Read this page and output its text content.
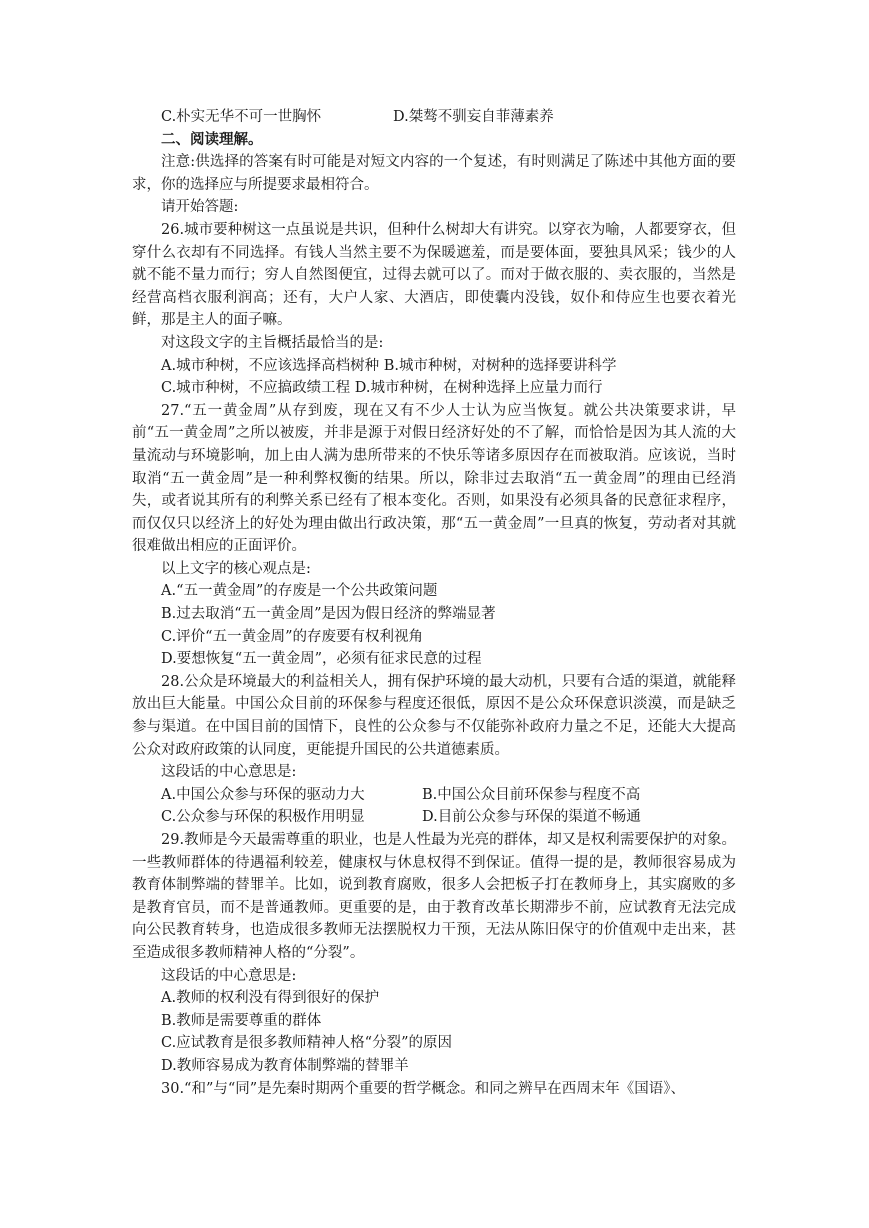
C.朴实无华不可一世胸怀	D.桀骜不驯妄自菲薄素养

二、阅读理解。

注意:供选择的答案有时可能是对短文内容的一个复述，有时则满足了陈述中其他方面的要求，你的选择应与所提要求最相符合。

请开始答题:

26.城市要种树这一点虽说是共识，但种什么树却大有讲究。以穿衣为喻，人都要穿衣，但穿什么衣却有不同选择。有钱人当然主要不为保暖遮羞，而是要体面，要独具风采；钱少的人就不能不量力而行；穷人自然图便宜，过得去就可以了。而对于做衣服的、卖衣服的，当然是经营高档衣服利润高；还有，大户人家、大酒店，即使囊内没钱，奴仆和侍应生也要衣着光鲜，那是主人的面子嘛。

对这段文字的主旨概括最恰当的是:

A.城市种树，不应该选择高档树种 B.城市种树，对树种的选择要讲科学

C.城市种树，不应搞政绩工程 D.城市种树，在树种选择上应量力而行

27.“五一黄金周”从存到废，现在又有不少人士认为应当恢复。就公共决策要求讲，早前“五一黄金周”之所以被废，并非是源于对假日经济好处的不了解，而恰恰是因为其人流的大量流动与环境影响，加上由人满为患所带来的不快乐等诸多原因存在而被取消。应该说，当时取消“五一黄金周”是一种利弊权衡的结果。所以，除非过去取消“五一黄金周”的理由已经消失，或者说其所有的利弊关系已经有了根本变化。否则，如果没有必须具备的民意征求程序，而仅仅只以经济上的好处为理由做出行政决策，那“五一黄金周”一旦真的恢复，劳动者对其就很难做出相应的正面评价。

以上文字的核心观点是:

A.“五一黄金周”的存废是一个公共政策问题

B.过去取消“五一黄金周”是因为假日经济的弊端显著

C.评价“五一黄金周”的存废要有权利视角

D.要想恢复“五一黄金周”，必须有征求民意的过程

28.公众是环境最大的利益相关人，拥有保护环境的最大动机，只要有合适的渠道，就能释放出巨大能量。中国公众目前的环保参与程度还很低，原因不是公众环保意识淡漠，而是缺乏参与渠道。在中国目前的国情下，良性的公众参与不仅能弥补政府力量之不足，还能大大提高公众对政府政策的认同度，更能提升国民的公共道德素质。

这段话的中心意思是:

A.中国公众参与环保的驱动力大	B.中国公众目前环保参与程度不高
C.公众参与环保的积极作用明显	D.目前公众参与环保的渠道不畅通

29.教师是今天最需尊重的职业，也是人性最为光亮的群体，却又是权利需要保护的对象。一些教师群体的待遇福利较差，健康权与休息权得不到保证。值得一提的是，教师很容易成为教育体制弊端的替罪羊。比如，说到教育腐败，很多人会把板子打在教师身上，其实腐败的多是教育官员，而不是普通教师。更重要的是，由于教育改革长期滞步不前，应试教育无法完成向公民教育转身，也造成很多教师无法摆脱权力干预，无法从陈旧保守的价值观中走出来，甚至造成很多教师精神人格的“分裂”。

这段话的中心意思是:

A.教师的权利没有得到很好的保护

B.教师是需要尊重的群体

C.应试教育是很多教师精神人格“分裂”的原因

D.教师容易成为教育体制弊端的替罪羊

30.“和”与“同”是先秦时期两个重要的哲学概念。和同之辨早在西周末年《国语》、
